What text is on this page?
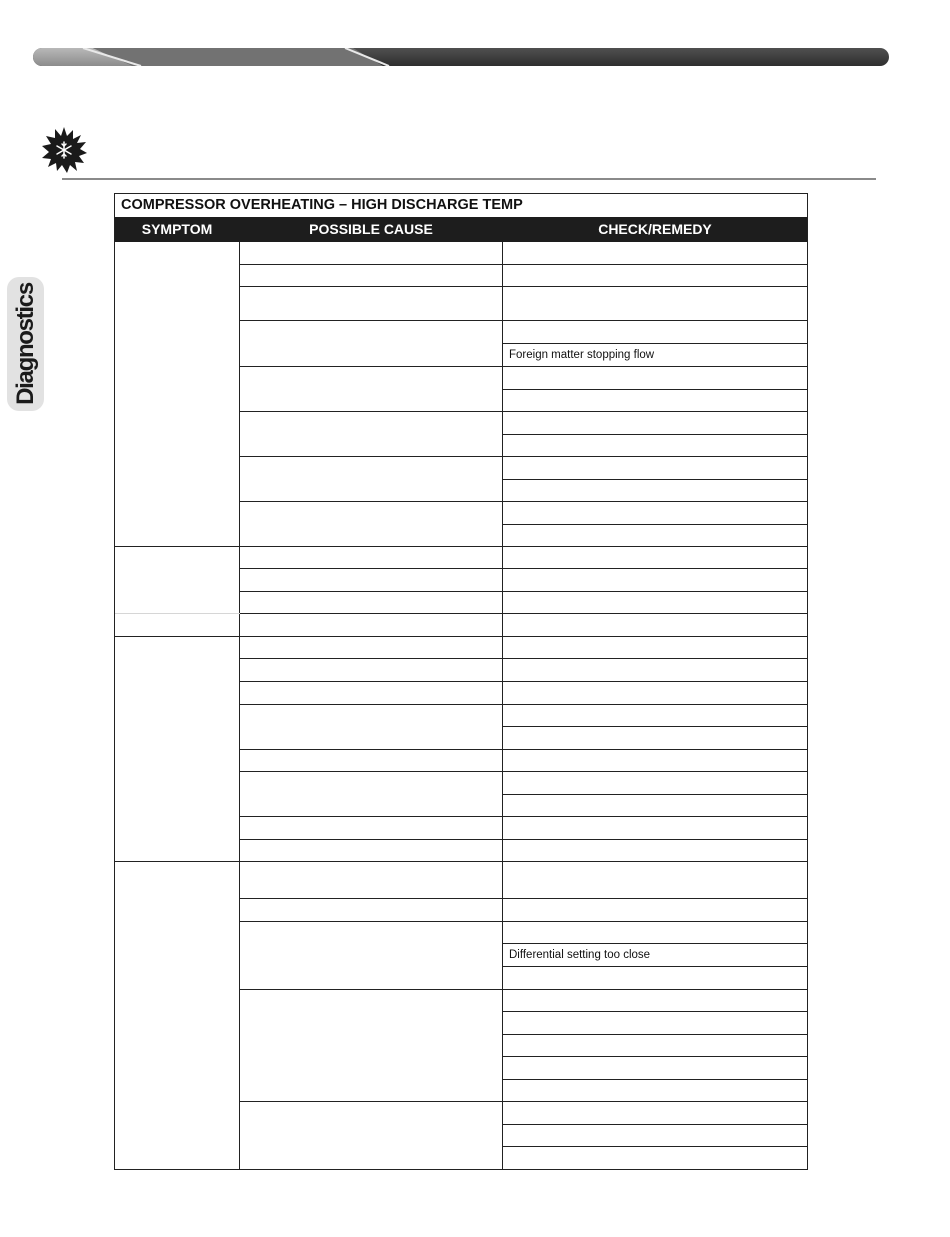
Diagnostics
COMPRESSOR OVERHEATING – HIGH DISCHARGE TEMP
SYMPTOM	POSSIBLE CAUSE	CHECK/REMEDY
Foreign matter stopping flow
Differential setting too close
